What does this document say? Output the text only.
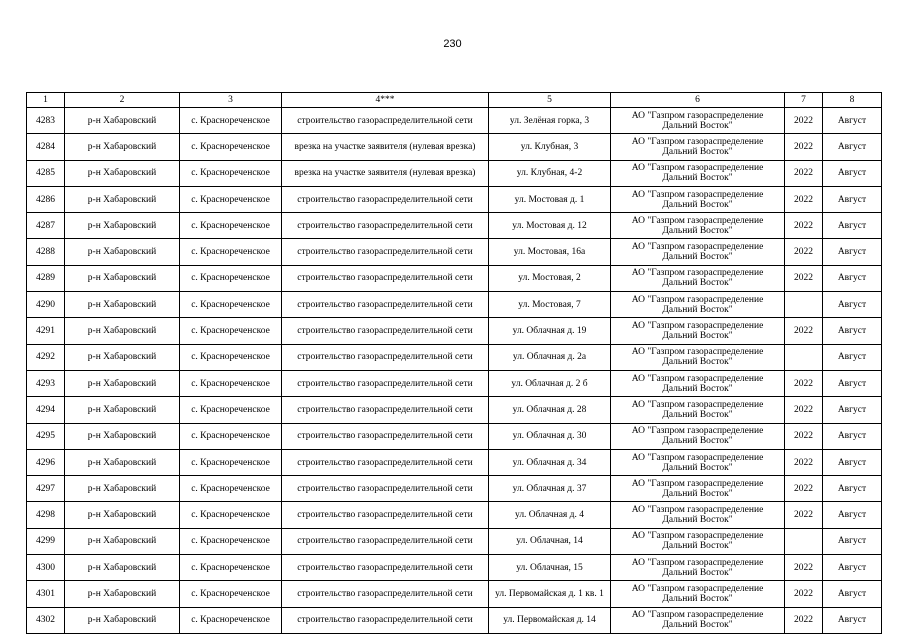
230
1	2	3	4***	5	6	7	8
4283	р-н Хабаровский	с. Краснореченское	строительство газораспределительной сети	ул. Зелёная горка, 3	АО "Газпром газораспределение Дальний Восток"	2022	Август
4284	р-н Хабаровский	с. Краснореченское	врезка на участке заявителя (нулевая врезка)	ул. Клубная, 3	АО "Газпром газораспределение Дальний Восток"	2022	Август
4285	р-н Хабаровский	с. Краснореченское	врезка на участке заявителя (нулевая врезка)	ул. Клубная, 4-2	АО "Газпром газораспределение Дальний Восток"	2022	Август
4286	р-н Хабаровский	с. Краснореченское	строительство газораспределительной сети	ул. Мостовая д. 1	АО "Газпром газораспределение Дальний Восток"	2022	Август
4287	р-н Хабаровский	с. Краснореченское	строительство газораспределительной сети	ул. Мостовая д. 12	АО "Газпром газораспределение Дальний Восток"	2022	Август
4288	р-н Хабаровский	с. Краснореченское	строительство газораспределительной сети	ул. Мостовая, 16а	АО "Газпром газораспределение Дальний Восток"	2022	Август
4289	р-н Хабаровский	с. Краснореченское	строительство газораспределительной сети	ул. Мостовая, 2	АО "Газпром газораспределение Дальний Восток"	2022	Август
4290	р-н Хабаровский	с. Краснореченское	строительство газораспределительной сети	ул. Мостовая, 7	АО "Газпром газораспределение Дальний Восток"		Август
4291	р-н Хабаровский	с. Краснореченское	строительство газораспределительной сети	ул. Облачная д. 19	АО "Газпром газораспределение Дальний Восток"	2022	Август
4292	р-н Хабаровский	с. Краснореченское	строительство газораспределительной сети	ул. Облачная д. 2а	АО "Газпром газораспределение Дальний Восток"		Август
4293	р-н Хабаровский	с. Краснореченское	строительство газораспределительной сети	ул. Облачная д. 2 б	АО "Газпром газораспределение Дальний Восток"	2022	Август
4294	р-н Хабаровский	с. Краснореченское	строительство газораспределительной сети	ул. Облачная д. 28	АО "Газпром газораспределение Дальний Восток"	2022	Август
4295	р-н Хабаровский	с. Краснореченское	строительство газораспределительной сети	ул. Облачная д. 30	АО "Газпром газораспределение Дальний Восток"	2022	Август
4296	р-н Хабаровский	с. Краснореченское	строительство газораспределительной сети	ул. Облачная д. 34	АО "Газпром газораспределение Дальний Восток"	2022	Август
4297	р-н Хабаровский	с. Краснореченское	строительство газораспределительной сети	ул. Облачная д. 37	АО "Газпром газораспределение Дальний Восток"	2022	Август
4298	р-н Хабаровский	с. Краснореченское	строительство газораспределительной сети	ул. Облачная д. 4	АО "Газпром газораспределение Дальний Восток"	2022	Август
4299	р-н Хабаровский	с. Краснореченское	строительство газораспределительной сети	ул. Облачная, 14	АО "Газпром газораспределение Дальний Восток"		Август
4300	р-н Хабаровский	с. Краснореченское	строительство газораспределительной сети	ул. Облачная, 15	АО "Газпром газораспределение Дальний Восток"	2022	Август
4301	р-н Хабаровский	с. Краснореченское	строительство газораспределительной сети	ул. Первомайская д. 1 кв. 1	АО "Газпром газораспределение Дальний Восток"	2022	Август
4302	р-н Хабаровский	с. Краснореченское	строительство газораспределительной сети	ул. Первомайская д. 14	АО "Газпром газораспределение Дальний Восток"	2022	Август
